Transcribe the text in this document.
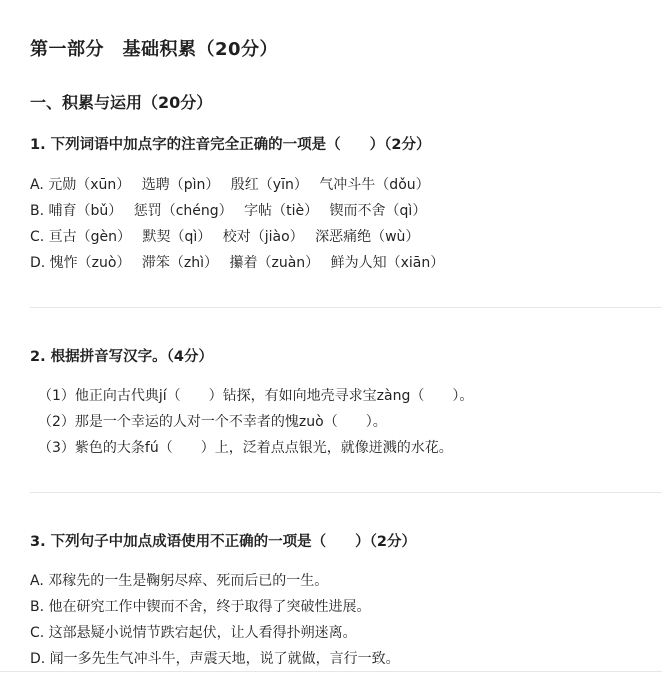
第一部分　基础积累（20分）
一、积累与运用（20分）
1. 下列词语中加点字的注音完全正确的一项是（　　）（2分）
A. 元勋（xūn）　 选聘（pìn）　 殷红（yīn）　 气冲斗牛（dǒu）
B. 哺育（bǔ）　 惩罚（chéng）　 字帖（tiè）　 锲而不舍（qì）
C. 亘古（gèn）　 默契（qì）　 校对（jiào）　 深恶痛绝（wù）
D. 愧怍（zuò）　 滞笨（zhì）　 攥着（zuàn）　 鲜为人知（xiān）
2. 根据拼音写汉字。（4分）
（1）他正向古代典jí（　　）钻探，有如向地壳寻求宝zàng（　　）。
（2）那是一个幸运的人对一个不幸者的愧zuò（　　）。
（3）紫色的大条fú（　　）上，泛着点点银光，就像迸溅的水花。
3. 下列句子中加点成语使用不正确的一项是（　　）（2分）
A. 邓稼先的一生是鞠躬尽瘁、死而后已的一生。
B. 他在研究工作中锲而不舍，终于取得了突破性进展。
C. 这部悬疑小说情节跌宕起伏，让人看得扑朔迷离。
D. 闻一多先生气冲斗牛，声震天地，说了就做，言行一致。
